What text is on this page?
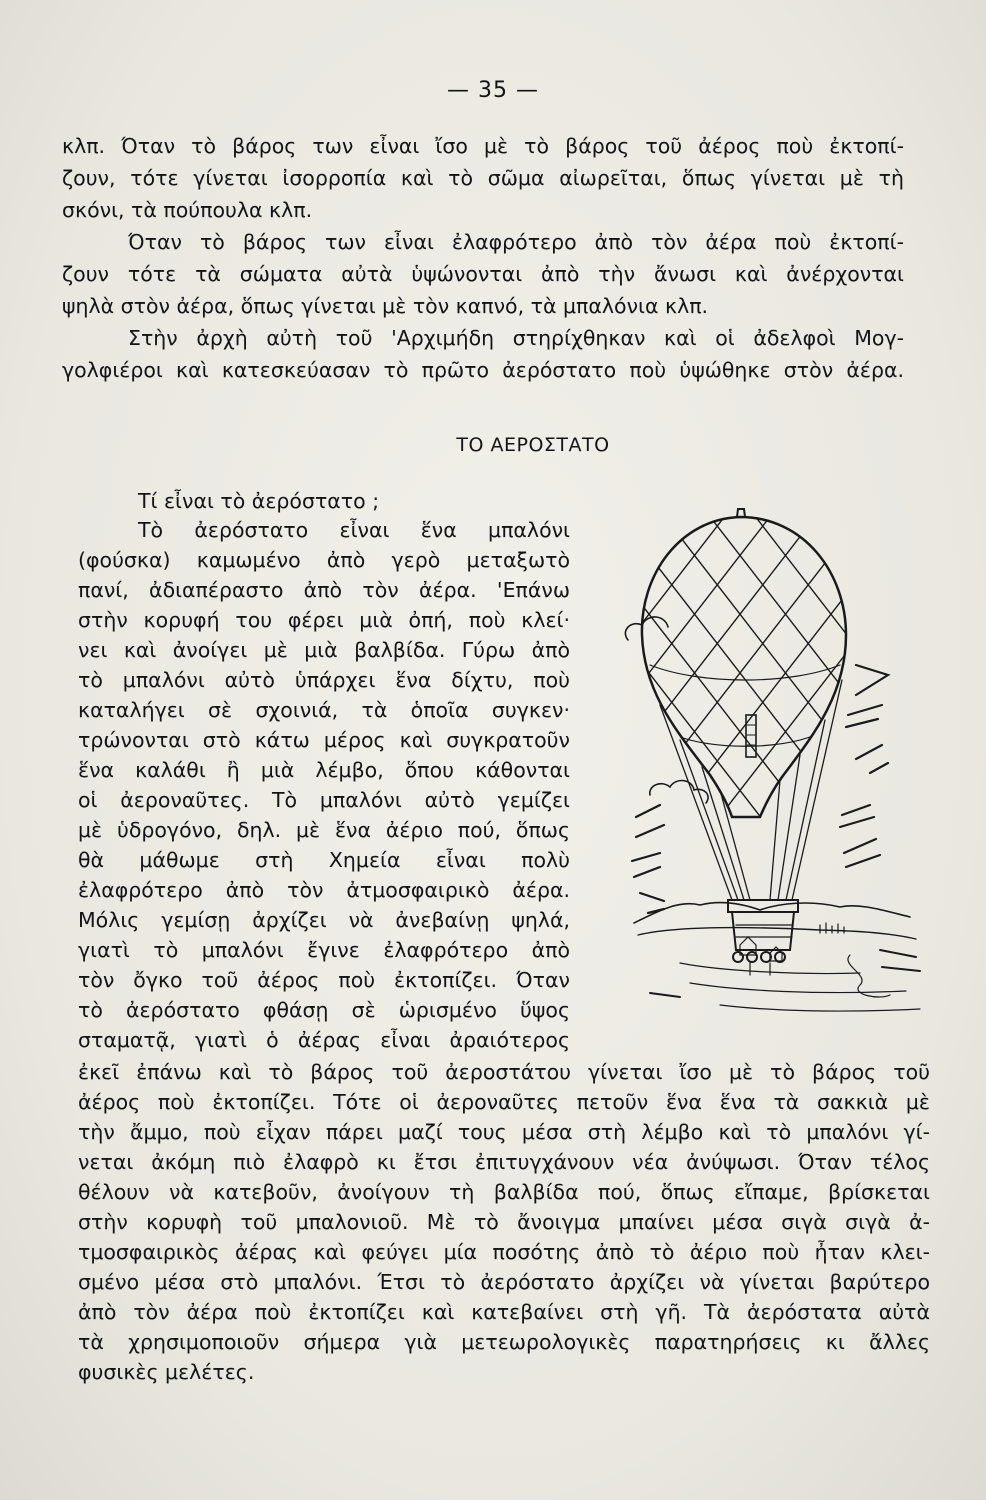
— 35 —
κλπ. Όταν τὸ βάρος των εἶναι ἴσο μὲ τὸ βάρος τοῦ ἀέρος ποὺ ἐκτοπί-
ζουν, τότε γίνεται ἰσορροπία καὶ τὸ σῶμα αἰωρεῖται, ὅπως γίνεται μὲ τὴ
σκόνι, τὰ πούπουλα κλπ.
Όταν τὸ βάρος των εἶναι ἐλαφρότερο ἀπὸ τὸν ἀέρα ποὺ ἐκτοπί-
ζουν τότε τὰ σώματα αὐτὰ ὑψώνονται ἀπὸ τὴν ἄνωσι καὶ ἀνέρχονται
ψηλὰ στὸν ἀέρα, ὅπως γίνεται μὲ τὸν καπνό, τὰ μπαλόνια κλπ.
Στὴν ἀρχὴ αὐτὴ τοῦ 'Αρχιμήδη στηρίχθηκαν καὶ οἱ ἀδελφοὶ Μογ-
γολφιέροι καὶ κατεσκεύασαν τὸ πρῶτο ἀερόστατο ποὺ ὑψώθηκε στὸν ἀέρα.
ΤΟ ΑΕΡΟΣΤΑΤΟ
Τί εἶναι τὸ ἀερόστατο ;
Τὸ ἀερόστατο εἶναι ἕνα μπαλόνι
(φούσκα) καμωμένο ἀπὸ γερὸ μεταξωτὸ
πανί, ἀδιαπέραστο ἀπὸ τὸν ἀέρα. 'Επάνω
στὴν κορυφή του φέρει μιὰ ὀπή, ποὺ κλεί·
νει καὶ ἀνοίγει μὲ μιὰ βαλβίδα. Γύρω ἀπὸ
τὸ μπαλόνι αὐτὸ ὑπάρχει ἕνα δίχτυ, ποὺ
καταλήγει σὲ σχοινιά, τὰ ὁποῖα συγκεν·
τρώνονται στὸ κάτω μέρος καὶ συγκρατοῦν
ἕνα καλάθι ἢ μιὰ λέμβο, ὅπου κάθονται
οἱ ἀεροναῦτες. Τὸ μπαλόνι αὐτὸ γεμίζει
μὲ ὑδρογόνο, δηλ. μὲ ἕνα ἀέριο πού, ὅπως
θὰ μάθωμε στὴ Χημεία εἶναι πολὺ
ἐλαφρότερο ἀπὸ τὸν ἀτμοσφαιρικὸ ἀέρα.
Μόλις γεμίσῃ ἀρχίζει νὰ ἀνεβαίνῃ ψηλά,
γιατὶ τὸ μπαλόνι ἔγινε ἐλαφρότερο ἀπὸ
τὸν ὄγκο τοῦ ἀέρος ποὺ ἐκτοπίζει. Όταν
τὸ ἀερόστατο φθάσῃ σὲ ὡρισμένο ὕψος
σταματᾷ, γιατὶ ὁ ἀέρας εἶναι ἀραιότερος
ἐκεῖ ἐπάνω καὶ τὸ βάρος τοῦ ἀεροστάτου γίνεται ἴσο μὲ τὸ βάρος τοῦ
ἀέρος ποὺ ἐκτοπίζει. Τότε οἱ ἀεροναῦτες πετοῦν ἕνα ἕνα τὰ σακκιὰ μὲ
τὴν ἄμμο, ποὺ εἶχαν πάρει μαζί τους μέσα στὴ λέμβο καὶ τὸ μπαλόνι γί-
νεται ἀκόμη πιὸ ἐλαφρὸ κι ἔτσι ἐπιτυγχάνουν νέα ἀνύψωσι. Όταν τέλος
θέλουν νὰ κατεβοῦν, ἀνοίγουν τὴ βαλβίδα πού, ὅπως εἴπαμε, βρίσκεται
στὴν κορυφὴ τοῦ μπαλονιοῦ. Μὲ τὸ ἄνοιγμα μπαίνει μέσα σιγὰ σιγὰ ἀ-
τμοσφαιρικὸς ἀέρας καὶ φεύγει μία ποσότης ἀπὸ τὸ ἀέριο ποὺ ἦταν κλει-
σμένο μέσα στὸ μπαλόνι. Έτσι τὸ ἀερόστατο ἀρχίζει νὰ γίνεται βαρύτερο
ἀπὸ τὸν ἀέρα ποὺ ἐκτοπίζει καὶ κατεβαίνει στὴ γῆ. Τὰ ἀερόστατα αὐτὰ
τὰ χρησιμοποιοῦν σήμερα γιὰ μετεωρολογικὲς παρατηρήσεις κι ἄλλες
φυσικὲς μελέτες.
